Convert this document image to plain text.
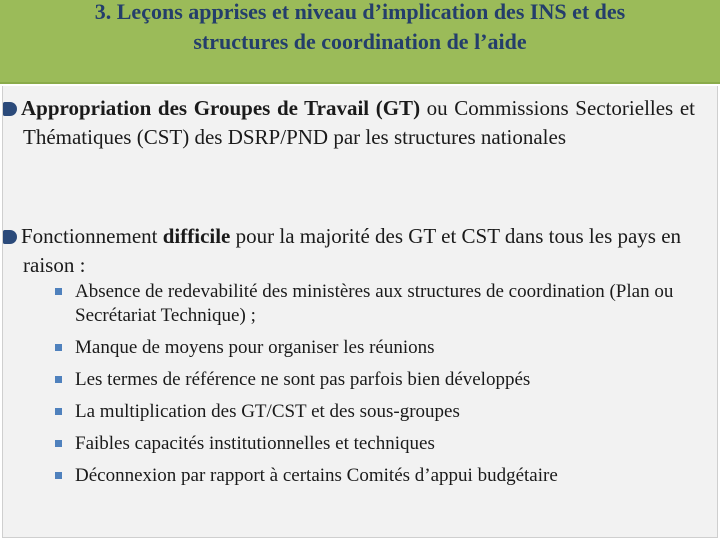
3. Leçons apprises et niveau d’implication des INS et des
structures de coordination de l’aide

Appropriation des Groupes de Travail (GT) ou Commissions Sectorielles et Thématiques (CST) des DSRP/PND par les structures nationales

Fonctionnement difficile pour la majorité des GT et CST dans tous les pays en raison :

Absence de redevabilité des ministères aux structures de coordination (Plan ou Secrétariat Technique) ;
Manque de moyens pour organiser les réunions
Les termes de référence ne sont pas parfois bien développés
La multiplication des GT/CST et des sous-groupes
Faibles capacités institutionnelles et techniques
Déconnexion par rapport à certains Comités d’appui budgétaire
